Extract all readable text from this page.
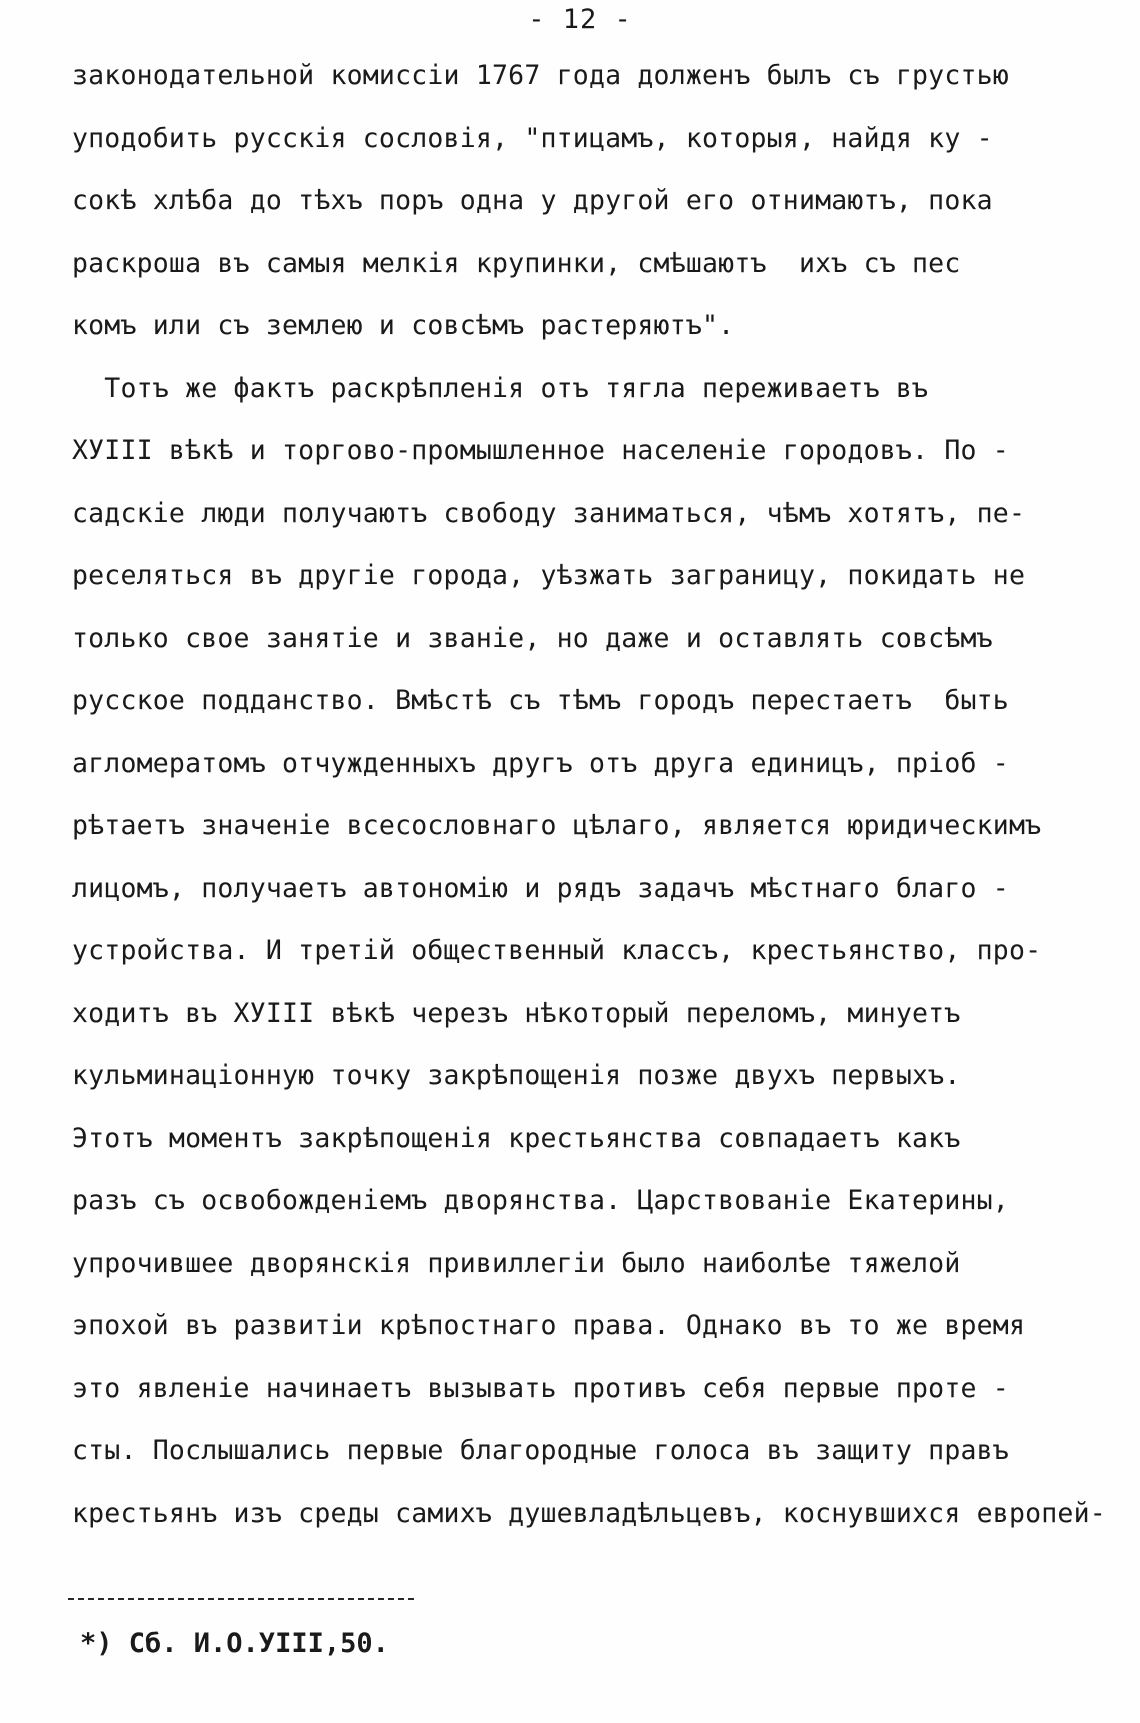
- 12 -
законодательной комиссiи 1767 года долженъ былъ съ грустью
уподобить русскiя сословiя, "птицамъ, которыя, найдя ку -
сокѣ хлѣба до тѣхъ поръ одна у другой его отнимаютъ, пока
раскроша въ самыя мелкiя крупинки, смѣшаютъ  ихъ съ пес
комъ или съ землею и совсѣмъ растеряютъ".
Тотъ же фактъ раскрѣпленiя отъ тягла переживаетъ въ
ХУIII вѣкѣ и торгово-промышленное населенiе городовъ. По -
садскiе люди получаютъ свободу заниматься, чѣмъ хотятъ, пе-
реселяться въ другiе города, уѣзжать заграницу, покидать не
только свое занятiе и званiе, но даже и оставлять совсѣмъ
русское подданство. Вмѣстѣ съ тѣмъ городъ перестаетъ  быть
агломератомъ отчужденныхъ другъ отъ друга единицъ, прiоб -
рѣтаетъ значенiе всесословнаго цѣлаго, является юридическимъ
лицомъ, получаетъ автономiю и рядъ задачъ мѣстнаго благо -
устройства. И третiй общественный классъ, крестьянство, про-
ходитъ въ ХУIII вѣкѣ черезъ нѣкоторый переломъ, минуетъ
кульминацiонную точку закрѣпощенiя позже двухъ первыхъ.
Этотъ моментъ закрѣпощенiя крестьянства совпадаетъ какъ
разъ съ освобожденiемъ дворянства. Царствованiе Екатерины,
упрочившее дворянскiя привиллегiи было наиболѣе тяжелой
эпохой въ развитiи крѣпостнаго права. Однако въ то же время
это явленiе начинаетъ вызывать противъ себя первые проте -
сты. Послышались первые благородные голоса въ защиту правъ
крестьянъ изъ среды самихъ душевладѣльцевъ, коснувшихся европей-
*) Сб. И.О.УIII,50.
